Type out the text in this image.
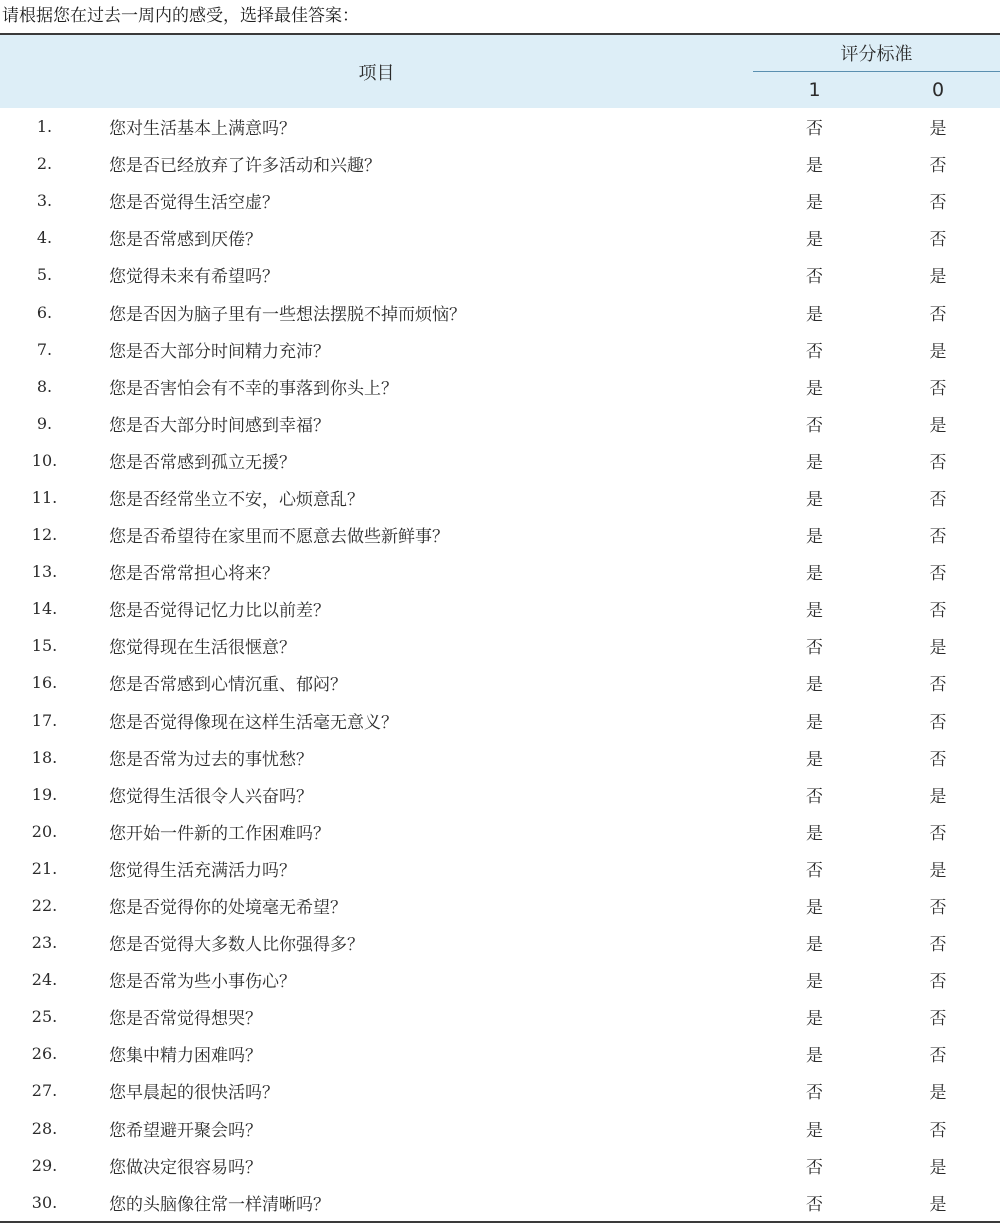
请根据您在过去一周内的感受，选择最佳答案：
项目		评分标准	
		1	0
1.	您对生活基本上满意吗？	否	是
2.	您是否已经放弃了许多活动和兴趣？	是	否
3.	您是否觉得生活空虚？	是	否
4.	您是否常感到厌倦？	是	否
5.	您觉得未来有希望吗？	否	是
6.	您是否因为脑子里有一些想法摆脱不掉而烦恼？	是	否
7.	您是否大部分时间精力充沛？	否	是
8.	您是否害怕会有不幸的事落到你头上？	是	否
9.	您是否大部分时间感到幸福？	否	是
10.	您是否常感到孤立无援？	是	否
11.	您是否经常坐立不安，心烦意乱？	是	否
12.	您是否希望待在家里而不愿意去做些新鲜事？	是	否
13.	您是否常常担心将来？	是	否
14.	您是否觉得记忆力比以前差？	是	否
15.	您觉得现在生活很惬意？	否	是
16.	您是否常感到心情沉重、郁闷？	是	否
17.	您是否觉得像现在这样生活毫无意义？	是	否
18.	您是否常为过去的事忧愁？	是	否
19.	您觉得生活很令人兴奋吗？	否	是
20.	您开始一件新的工作困难吗？	是	否
21.	您觉得生活充满活力吗？	否	是
22.	您是否觉得你的处境毫无希望？	是	否
23.	您是否觉得大多数人比你强得多？	是	否
24.	您是否常为些小事伤心？	是	否
25.	您是否常觉得想哭？	是	否
26.	您集中精力困难吗？	是	否
27.	您早晨起的很快活吗？	否	是
28.	您希望避开聚会吗？	是	否
29.	您做决定很容易吗？	否	是
30.	您的头脑像往常一样清晰吗？	否	是
